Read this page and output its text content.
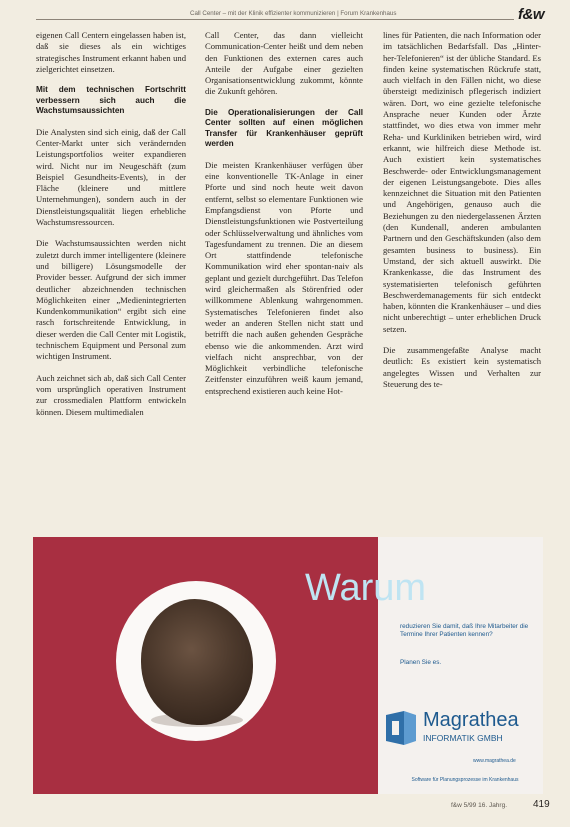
Call Center – mit der Klinik effizienter kommunizieren | Forum Krankenhaus	f&w

eigenen Call Centern eingelassen haben ist, daß sie dieses als ein wichtiges strategisches Instrument erkannt haben und zielgerichtet einsetzen.

Mit dem technischen Fortschritt verbessern sich auch die Wachstumsaussichten

Die Analysten sind sich einig, daß der Call Center-Markt unter sich verändernden Leistungsportfolios weiter expandieren wird. Nicht nur im Neugeschäft (zum Beispiel Gesundheits-Events), in der Fläche (kleinere und mittlere Unternehmungen), sondern auch in der Dienstleistungsqualität liegen erhebliche Wachstumsressourcen.

Die Wachstumsaussichten werden nicht zuletzt durch immer intelligentere (kleinere und billigere) Lösungsmodelle der Provider besser. Aufgrund der sich immer deutlicher abzeichnenden technischen Möglichkeiten einer „Medienintegrierten Kundenkommunikation“ ergibt sich eine rasch fortschreitende Entwicklung, in dieser werden die Call Center mit Logistik, technischem Equipment und Personal zum wichtigen Instrument.

Auch zeichnet sich ab, daß sich Call Center vom ursprünglich operativen Instrument zur crossmedialen Plattform entwickeln können. Diesem multimedialen

Call Center, das dann vielleicht Communication-Center heißt und dem neben den Funktionen des externen cares auch Anteile der Aufgabe einer gezielten Organisationsentwicklung zukommt, könnte die Zukunft gehören.

Die Operationalisierungen der Call Center sollten auf einen möglichen Transfer für Krankenhäuser geprüft werden

Die meisten Krankenhäuser verfügen über eine konventionelle TK-Anlage in einer Pforte und sind noch heute weit davon entfernt, selbst so elementare Funktionen wie Empfangsdienst von Pforte und Dienstleistungsfunktionen wie Postverteilung oder Schlüsselverwaltung und ähnliches vom Tagesfundament zu trennen. Die an diesem Ort stattfindende telefonische Kommunikation wird eher spontan-naiv als geplant und gezielt durchgeführt. Das Telefon wird gleichermaßen als Störenfried oder willkommene Ablenkung wahrgenommen. Systematisches Telefonieren findet also weder an anderen Stellen nicht statt und betrifft die nach außen gehenden Gespräche ebenso wie die ankommenden. Arzt wird vielfach nicht ansprechbar, von der Möglichkeit verbindliche telefonische Zeitfenster einzuführen weiß kaum jemand, entsprechend existieren auch keine Hot-

lines für Patienten, die nach Information oder im tatsächlichen Bedarfsfall. Das „Hinter-her-Telefonieren“ ist der übliche Standard. Es finden keine systematischen Rückrufe statt, auch vielfach in den Fällen nicht, wo diese übersteigt medizinisch pflegerisch indiziert wären. Dort, wo eine gezielte telefonische Ansprache neuer Kunden oder Ärzte stattfindet, wo dies etwa von immer mehr Reha- und Kurkliniken betrieben wird, wird erkannt, wie hilfreich diese Methode ist. Auch existiert kein systematisches Beschwerde- oder Entwicklungsmanagement der eigenen Leistungsangebote. Dies alles kennzeichnet die Situation mit den Patienten und Angehörigen, genauso auch die Beziehungen zu den niedergelassenen Ärzten (den Kundenall, anderen ambulanten Partnern und den Geschäftskunden (also dem gesamten business to business). Ein Umstand, der sich aktuell auswirkt. Die Krankenkasse, die das Instrument des systematisierten telefonisch geführten Beschwerdemanagements für sich entdeckt haben, könnten die Krankenhäuser – und dies nicht unberechtigt – unter erheblichen Druck setzen.

Die zusammengefaßte Analyse macht deutlich: Es existiert kein systematisch angelegtes Wissen und Verhalten zur Steuerung des te-

Warum
reduzieren Sie damit, daß Ihre Mitarbeiter die Termine Ihrer Patienten kennen?
Planen Sie es.
Magrathea
INFORMATIK GMBH
www.magrathea.de
Software für Planungsprozesse im Krankenhaus
f&w 5/99 16. Jahrg.	419
